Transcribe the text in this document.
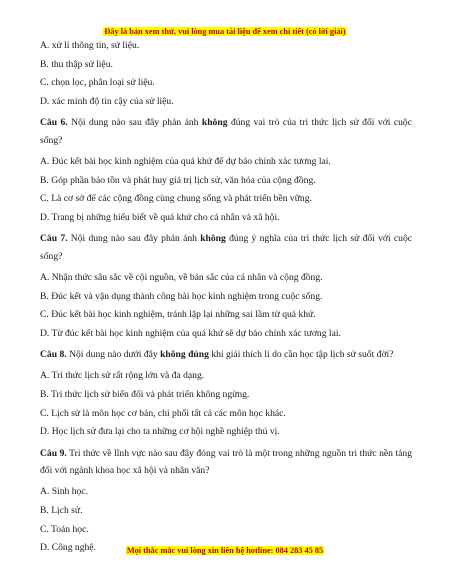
Đây là bản xem thử, vui lòng mua tài liệu để xem chi tiết (có lời giải)

A. xử lí thông tin, sử liệu.

B. thu thập sử liệu.

C. chọn lọc, phân loại sử liệu.

D. xác minh độ tin cậy của sử liệu.

Câu 6. Nội dung nào sau đây phản ánh không đúng vai trò của tri thức lịch sử đối với cuộc sống?

A. Đúc kết bài học kinh nghiệm của quá khứ để dự báo chính xác tương lai.

B. Góp phần bảo tồn và phát huy giá trị lịch sử, văn hóa của cộng đồng.

C. Là cơ sở để các cộng đồng cùng chung sống và phát triển bền vững.

D. Trang bị những hiểu biết về quá khứ cho cá nhân và xã hội.

Câu 7. Nội dung nào sau đây phản ánh không đúng ý nghĩa của tri thức lịch sử đối với cuộc sống?

A. Nhận thức sâu sắc về cội nguồn, về bản sắc của cá nhân và cộng đồng.

B. Đúc kết và vận dụng thành công bài học kinh nghiệm trong cuộc sống.

C. Đúc kết bài học kinh nghiệm, tránh lặp lại những sai lầm từ quá khứ.

D. Từ đúc kết bài học kinh nghiệm của quá khứ sẽ dự báo chính xác tương lai.

Câu 8. Nội dung nào dưới đây không đúng khi giải thích lí do cần học tập lịch sử suốt đời?

A. Tri thức lịch sử rất rộng lớn và đa dạng.

B. Tri thức lịch sử biến đổi và phát triển không ngừng.

C. Lịch sử là môn học cơ bản, chi phối tất cả các môn học khác.

D. Học lịch sử đưa lại cho ta những cơ hội nghề nghiệp thú vị.

Câu 9. Tri thức về lĩnh vực nào sau đây đóng vai trò là một trong những nguồn tri thức nền tảng đối với ngành khoa học xã hội và nhân văn?

A. Sinh học.

B. Lịch sử.

C. Toán học.

D. Công nghệ.	Mọi thắc mắc vui lòng xin liên hệ hotline: 084 283 45 85
